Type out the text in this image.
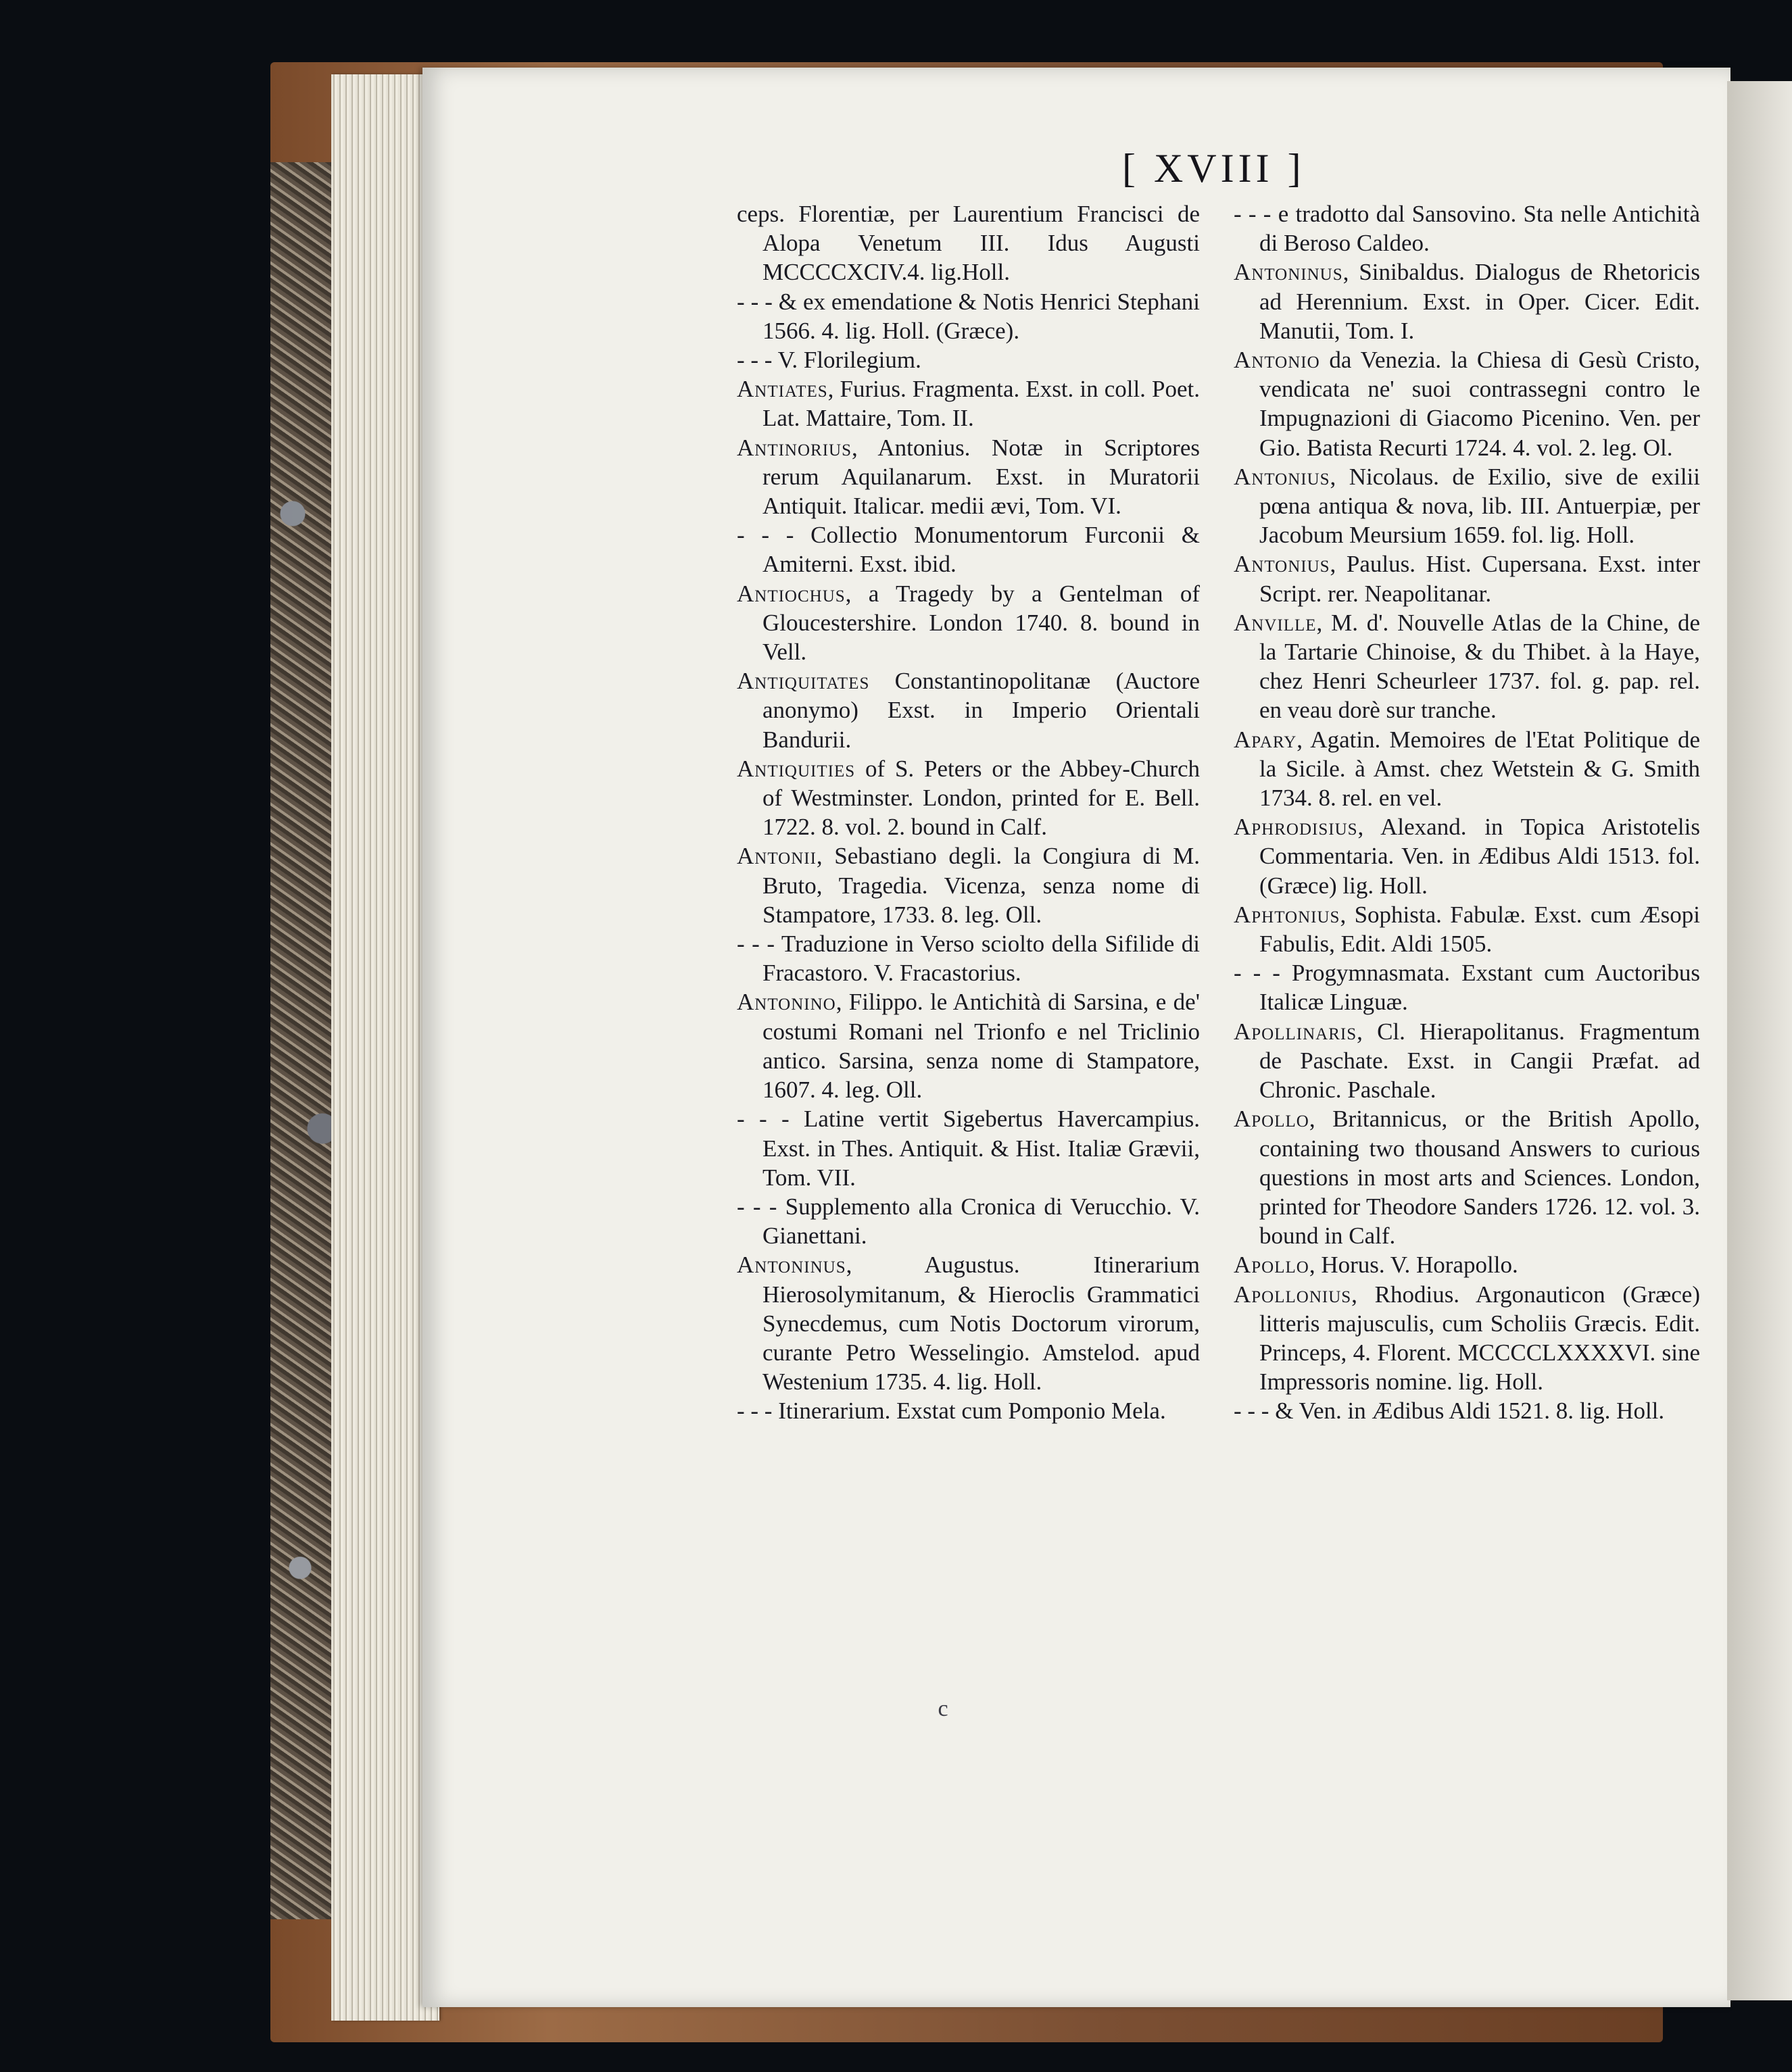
[ XVIII ]

ceps. Florentiæ, per Laurentium Francisci de Alopa Venetum III. Idus Augusti MCCCCXCIV.4. lig.Holl.

- - - & ex emendatione & Notis Henrici Stephani 1566. 4. lig. Holl. (Græce).

- - - V. Florilegium.

Antiates, Furius. Fragmenta. Exst. in coll. Poet. Lat. Mattaire, Tom. II.

Antinorius, Antonius. Notæ in Scriptores rerum Aquilanarum. Exst. in Muratorii Antiquit. Italicar. medii ævi, Tom. VI.

- - - Collectio Monumentorum Furconii & Amiterni. Exst. ibid.

Antiochus, a Tragedy by a Gentelman of Gloucestershire. London 1740. 8. bound in Vell.

Antiquitates Constantinopolitanæ (Auctore anonymo) Exst. in Imperio Orientali Bandurii.

Antiquities of S. Peters or the Abbey-Church of Westminster. London, printed for E. Bell. 1722. 8. vol. 2. bound in Calf.

Antonii, Sebastiano degli. la Congiura di M. Bruto, Tragedia. Vicenza, senza nome di Stampatore, 1733. 8. leg. Oll.

- - - Traduzione in Verso sciolto della Sifilide di Fracastoro. V. Fracastorius.

Antonino, Filippo. le Antichità di Sarsina, e de' costumi Romani nel Trionfo e nel Triclinio antico. Sarsina, senza nome di Stampatore, 1607. 4. leg. Oll.

- - - Latine vertit Sigebertus Havercampius. Exst. in Thes. Antiquit. & Hist. Italiæ Grævii, Tom. VII.

- - - Supplemento alla Cronica di Verucchio. V. Gianettani.

Antoninus, Augustus. Itinerarium Hierosolymitanum, & Hieroclis Grammatici Synecdemus, cum Notis Doctorum virorum, curante Petro Wesselingio. Amstelod. apud Westenium 1735. 4. lig. Holl.

- - - Itinerarium. Exstat cum Pomponio Mela.

- - - e tradotto dal Sansovino. Sta nelle Antichità di Beroso Caldeo.

Antoninus, Sinibaldus. Dialogus de Rhetoricis ad Herennium. Exst. in Oper. Cicer. Edit. Manutii, Tom. I.

Antonio da Venezia. la Chiesa di Gesù Cristo, vendicata ne' suoi contrassegni contro le Impugnazioni di Giacomo Picenino. Ven. per Gio. Batista Recurti 1724. 4. vol. 2. leg. Ol.

Antonius, Nicolaus. de Exilio, sive de exilii pœna antiqua & nova, lib. III. Antuerpiæ, per Jacobum Meursium 1659. fol. lig. Holl.

Antonius, Paulus. Hist. Cupersana. Exst. inter Script. rer. Neapolitanar.

Anville, M. d'. Nouvelle Atlas de la Chine, de la Tartarie Chinoise, & du Thibet. à la Haye, chez Henri Scheurleer 1737. fol. g. pap. rel. en veau dorè sur tranche.

Apary, Agatin. Memoires de l'Etat Politique de la Sicile. à Amst. chez Wetstein & G. Smith 1734. 8. rel. en vel.

Aphrodisius, Alexand. in Topica Aristotelis Commentaria. Ven. in Ædibus Aldi 1513. fol. (Græce) lig. Holl.

Aphtonius, Sophista. Fabulæ. Exst. cum Æsopi Fabulis, Edit. Aldi 1505.

- - - Progymnasmata. Exstant cum Auctoribus Italicæ Linguæ.

Apollinaris, Cl. Hierapolitanus. Fragmentum de Paschate. Exst. in Cangii Præfat. ad Chronic. Paschale.

Apollo, Britannicus, or the British Apollo, containing two thousand Answers to curious questions in most arts and Sciences. London, printed for Theodore Sanders 1726. 12. vol. 3. bound in Calf.

Apollo, Horus. V. Horapollo.

Apollonius, Rhodius. Argonauticon (Græce) litteris majusculis, cum Scholiis Græcis. Edit. Princeps, 4. Florent. MCCCCLXXXXVI. sine Impressoris nomine. lig. Holl.

- - - & Ven. in Ædibus Aldi 1521. 8. lig. Holl.

c
